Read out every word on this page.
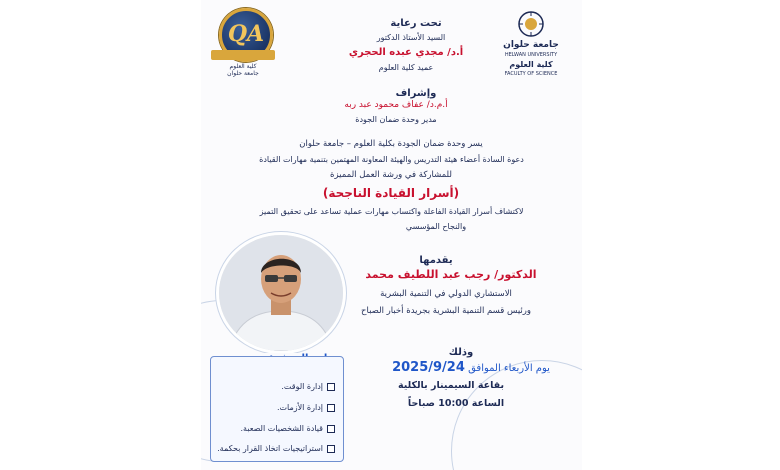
QA
كلية العلوم
جامعة حلوان
جامعة حلوان
HELWAN UNIVERSITY
كلية العلوم
FACULTY OF SCIENCE
تحت رعاية
السيد الأستاذ الدكتور
أ.د/ مجدي عبده الحجري
عميد كلية العلوم
وإشراف
أ.م.د/ عفاف محمود عبد ربه
مدير وحدة ضمان الجودة
يسر وحدة ضمان الجودة بكلية العلوم – جامعة حلوان
دعوة السادة أعضاء هيئة التدريس والهيئة المعاونة المهتمين بتنمية مهارات القيادة
للمشاركة في ورشة العمل المميزة
(أسرار القيادة الناجحة)
لاكتشاف أسرار القيادة الفاعلة واكتساب مهارات عملية تساعد على تحقيق التميز
والنجاح المؤسسي
يقدمها
الدكتور/ رجب عبد اللطيف محمد
الاستشاري الدولي في التنمية البشرية
ورئيس قسم التنمية البشرية بجريدة أخبار الصباح
وذلك
يوم الأربعاء الموافق 2025/9/24
بقاعة السيمينار بالكلية
الساعة 10:00 صباحاً
إدارة الوقت.
إدارة الأزمات.
قيادة الشخصيات الصعبة.
استراتيجيات اتخاذ القرار بحكمة.
